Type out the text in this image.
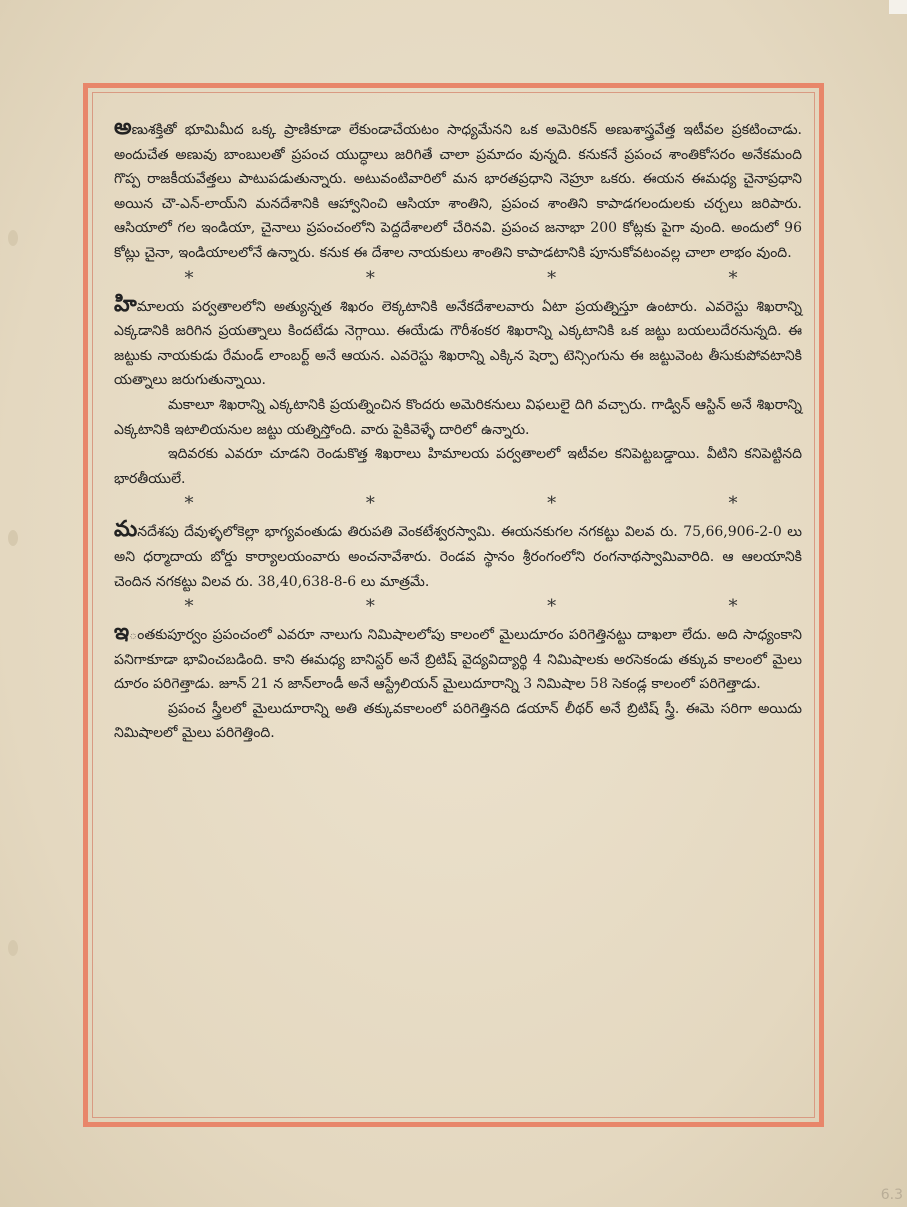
అణుశక్తితో భూమిమీద ఒక్క ప్రాణికూడా లేకుండాచేయటం సాధ్యమేనని ఒక అమెరికన్ అణుశాస్త్రవేత్త ఇటీవల ప్రకటించాడు. అందుచేత అణువు బాంబులతో ప్రపంచ యుద్ధాలు జరిగితే చాలా ప్రమాదం వున్నది. కనుకనే ప్రపంచ శాంతికోసరం అనేకమంది గొప్ప రాజకీయవేత్తలు పాటుపడుతున్నారు. అటువంటివారిలో మన భారతప్రధాని నెహ్రూ ఒకరు. ఈయన ఈమధ్య చైనాప్రధాని అయిన చౌ-ఎన్-లాయ్‌ని మనదేశానికి ఆహ్వానించి ఆసియా శాంతిని, ప్రపంచ శాంతిని కాపాడగలందులకు చర్చలు జరిపారు. ఆసియాలో గల ఇండియా, చైనాలు ప్రపంచంలోని పెద్దదేశాలలో చేరినవి. ప్రపంచ జనాభా 200 కోట్లకు పైగా వుంది. అందులో 96 కోట్లు చైనా, ఇండియాలలోనే ఉన్నారు. కనుక ఈ దేశాల నాయకులు శాంతిని కాపాడటానికి పూనుకోవటంవల్ల చాలా లాభం వుంది.

*	*	*	*

హిమాలయ పర్వతాలలోని అత్యున్నత శిఖరం లెక్కటానికి అనేకదేశాలవారు ఏటా ప్రయత్నిస్తూ ఉంటారు. ఎవరెస్టు శిఖరాన్ని ఎక్కడానికి జరిగిన ప్రయత్నాలు కిందటేడు నెగ్గాయి. ఈయేడు గౌరీశంకర శిఖరాన్ని ఎక్కటానికి ఒక జట్టు బయలుదేరనున్నది. ఈ జట్టుకు నాయకుడు రేమండ్ లాంబర్ట్ అనే ఆయన. ఎవరెస్టు శిఖరాన్ని ఎక్కిన షెర్పా టెన్సింగును ఈ జట్టువెంట తీసుకుపోవటానికి యత్నాలు జరుగుతున్నాయి.

మకాలూ శిఖరాన్ని ఎక్కటానికి ప్రయత్నించిన కొందరు అమెరికనులు విఫలులై దిగి వచ్చారు. గాడ్విన్ ఆస్టిన్ అనే శిఖరాన్ని ఎక్కటానికి ఇటాలియనుల జట్టు యత్నిస్తోంది. వారు పైకివెళ్ళే దారిలో ఉన్నారు.

ఇదివరకు ఎవరూ చూడని రెండుకొత్త శిఖరాలు హిమాలయ పర్వతాలలో ఇటీవల కనిపెట్టబడ్డాయి. వీటిని కనిపెట్టినది భారతీయులే.

*	*	*	*

మనదేశపు దేవుళ్ళలోకెల్లా భాగ్యవంతుడు తిరుపతి వెంకటేశ్వరస్వామి. ఈయనకుగల నగకట్టు విలవ రు. 75,66,906-2-0 లు అని ధర్మాదాయ బోర్డు కార్యాలయంవారు అంచనావేశారు. రెండవ స్థానం శ్రీరంగంలోని రంగనాథస్వామివారిది. ఆ ఆలయానికి చెందిన నగకట్టు విలవ రు. 38,40,638-8-6 లు మాత్రమే.

*	*	*	*

ఇంతకుపూర్వం ప్రపంచంలో ఎవరూ నాలుగు నిమిషాలలోపు కాలంలో మైలుదూరం పరిగెత్తినట్టు దాఖలా లేదు. అది సాధ్యంకాని పనిగాకూడా భావించబడింది. కాని ఈమధ్య బానిస్టర్ అనే బ్రిటిష్ వైద్యవిద్యార్థి 4 నిమిషాలకు అరసెకండు తక్కువ కాలంలో మైలు దూరం పరిగెత్తాడు. జూన్ 21 న జాన్‌లాండీ అనే ఆస్ట్రేలియన్ మైలుదూరాన్ని 3 నిమిషాల 58 సెకండ్ల కాలంలో పరిగెత్తాడు.

ప్రపంచ స్త్రీలలో మైలుదూరాన్ని అతి తక్కువకాలంలో పరిగెత్తినది డయాన్ లీథర్ అనే బ్రిటిష్ స్త్రీ. ఈమె సరిగా అయిదు నిమిషాలలో మైలు పరిగెత్తింది.

6.3
